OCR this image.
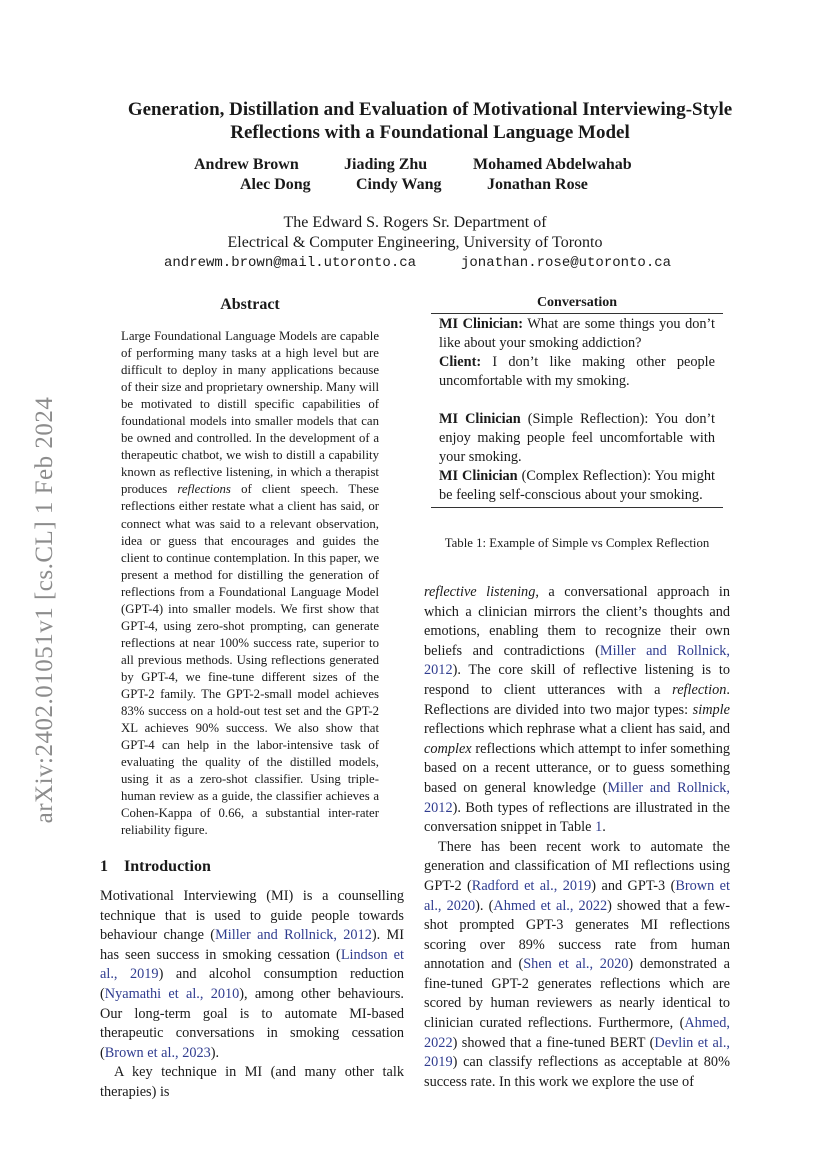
arXiv:2402.01051v1 [cs.CL] 1 Feb 2024
Generation, Distillation and Evaluation of Motivational Interviewing-Style
Reflections with a Foundational Language Model
Andrew Brown	Jiading Zhu	Mohamed Abdelwahab
Alec Dong	Cindy Wang	Jonathan Rose
The Edward S. Rogers Sr. Department of
Electrical & Computer Engineering, University of Toronto
andrewm.brown@mail.utoronto.ca	jonathan.rose@utoronto.ca
Abstract
Large Foundational Language Models are capable of performing many tasks at a high level but are difficult to deploy in many applications because of their size and proprietary ownership. Many will be motivated to distill specific capabilities of foundational models into smaller models that can be owned and controlled. In the development of a therapeutic chatbot, we wish to distill a capability known as reflective listening, in which a therapist produces reflections of client speech. These reflections either restate what a client has said, or connect what was said to a relevant observation, idea or guess that encourages and guides the client to continue contemplation. In this paper, we present a method for distilling the generation of reflections from a Foundational Language Model (GPT-4) into smaller models. We first show that GPT-4, using zero-shot prompting, can generate reflections at near 100% success rate, superior to all previous methods. Using reflections generated by GPT-4, we fine-tune different sizes of the GPT-2 family. The GPT-2-small model achieves 83% success on a hold-out test set and the GPT-2 XL achieves 90% success. We also show that GPT-4 can help in the labor-intensive task of evaluating the quality of the distilled models, using it as a zero-shot classifier. Using triple-human review as a guide, the classifier achieves a Cohen-Kappa of 0.66, a substantial inter-rater reliability figure.
Conversation

MI Clinician: What are some things you don’t like about your smoking addiction?

Client: I don’t like making other people uncomfortable with my smoking.

MI Clinician (Simple Reflection): You don’t enjoy making people feel uncomfortable with your smoking.

MI Clinician (Complex Reflection): You might be feeling self-conscious about your smoking.

Table 1: Example of Simple vs Complex Reflection
1 Introduction

Motivational Interviewing (MI) is a counselling technique that is used to guide people towards behaviour change (Miller and Rollnick, 2012). MI has seen success in smoking cessation (Lindson et al., 2019) and alcohol consumption reduction (Nyamathi et al., 2010), among other behaviours. Our long-term goal is to automate MI-based therapeutic conversations in smoking cessation (Brown et al., 2023).

A key technique in MI (and many other talk therapies) is

reflective listening, a conversational approach in which a clinician mirrors the client’s thoughts and emotions, enabling them to recognize their own beliefs and contradictions (Miller and Rollnick, 2012). The core skill of reflective listening is to respond to client utterances with a reflection. Reflections are divided into two major types: simple reflections which rephrase what a client has said, and complex reflections which attempt to infer something based on a recent utterance, or to guess something based on general knowledge (Miller and Rollnick, 2012). Both types of reflections are illustrated in the conversation snippet in Table 1.

There has been recent work to automate the generation and classification of MI reflections using GPT-2 (Radford et al., 2019) and GPT-3 (Brown et al., 2020). (Ahmed et al., 2022) showed that a few-shot prompted GPT-3 generates MI reflections scoring over 89% success rate from human annotation and (Shen et al., 2020) demonstrated a fine-tuned GPT-2 generates reflections which are scored by human reviewers as nearly identical to clinician curated reflections. Furthermore, (Ahmed, 2022) showed that a fine-tuned BERT (Devlin et al., 2019) can classify reflections as acceptable at 80% success rate. In this work we explore the use of
